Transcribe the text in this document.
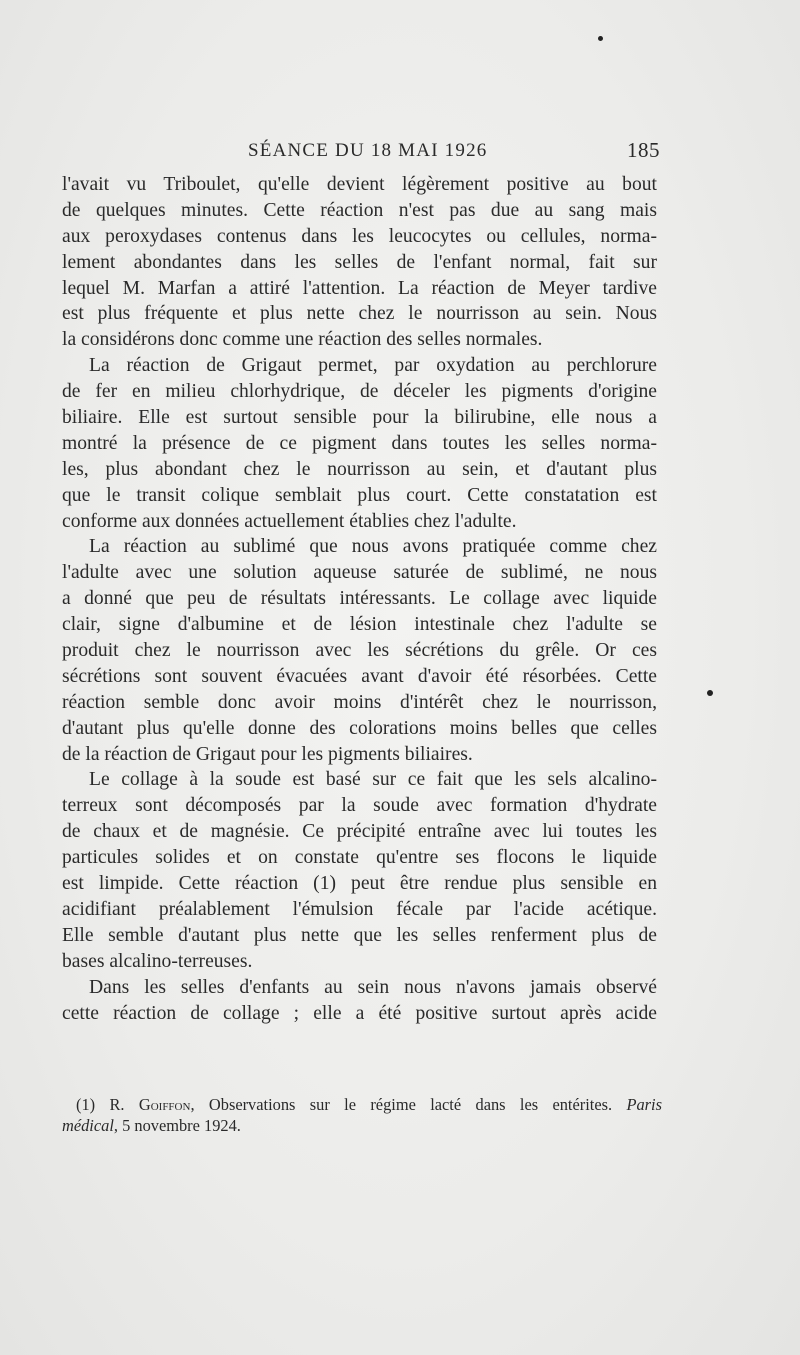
SÉANCE DU 18 MAI 1926	185
l'avait vu Triboulet, qu'elle devient légèrement positive au bout
de quelques minutes. Cette réaction n'est pas due au sang mais
aux peroxydases contenus dans les leucocytes ou cellules, norma-
lement abondantes dans les selles de l'enfant normal, fait sur
lequel M. Marfan a attiré l'attention. La réaction de Meyer tardive
est plus fréquente et plus nette chez le nourrisson au sein. Nous
la considérons donc comme une réaction des selles normales.
La réaction de Grigaut permet, par oxydation au perchlorure
de fer en milieu chlorhydrique, de déceler les pigments d'origine
biliaire. Elle est surtout sensible pour la bilirubine, elle nous a
montré la présence de ce pigment dans toutes les selles norma-
les, plus abondant chez le nourrisson au sein, et d'autant plus
que le transit colique semblait plus court. Cette constatation est
conforme aux données actuellement établies chez l'adulte.
La réaction au sublimé que nous avons pratiquée comme chez
l'adulte avec une solution aqueuse saturée de sublimé, ne nous
a donné que peu de résultats intéressants. Le collage avec liquide
clair, signe d'albumine et de lésion intestinale chez l'adulte se
produit chez le nourrisson avec les sécrétions du grêle. Or ces
sécrétions sont souvent évacuées avant d'avoir été résorbées. Cette
réaction semble donc avoir moins d'intérêt chez le nourrisson,
d'autant plus qu'elle donne des colorations moins belles que celles
de la réaction de Grigaut pour les pigments biliaires.
Le collage à la soude est basé sur ce fait que les sels alcalino-
terreux sont décomposés par la soude avec formation d'hydrate
de chaux et de magnésie. Ce précipité entraîne avec lui toutes les
particules solides et on constate qu'entre ses flocons le liquide
est limpide. Cette réaction (1) peut être rendue plus sensible en
acidifiant préalablement l'émulsion fécale par l'acide acétique.
Elle semble d'autant plus nette que les selles renferment plus de
bases alcalino-terreuses.
Dans les selles d'enfants au sein nous n'avons jamais observé
cette réaction de collage ; elle a été positive surtout après acide
(1) R. Goiffon, Observations sur le régime lacté dans les entérites. Paris
médical, 5 novembre 1924.
